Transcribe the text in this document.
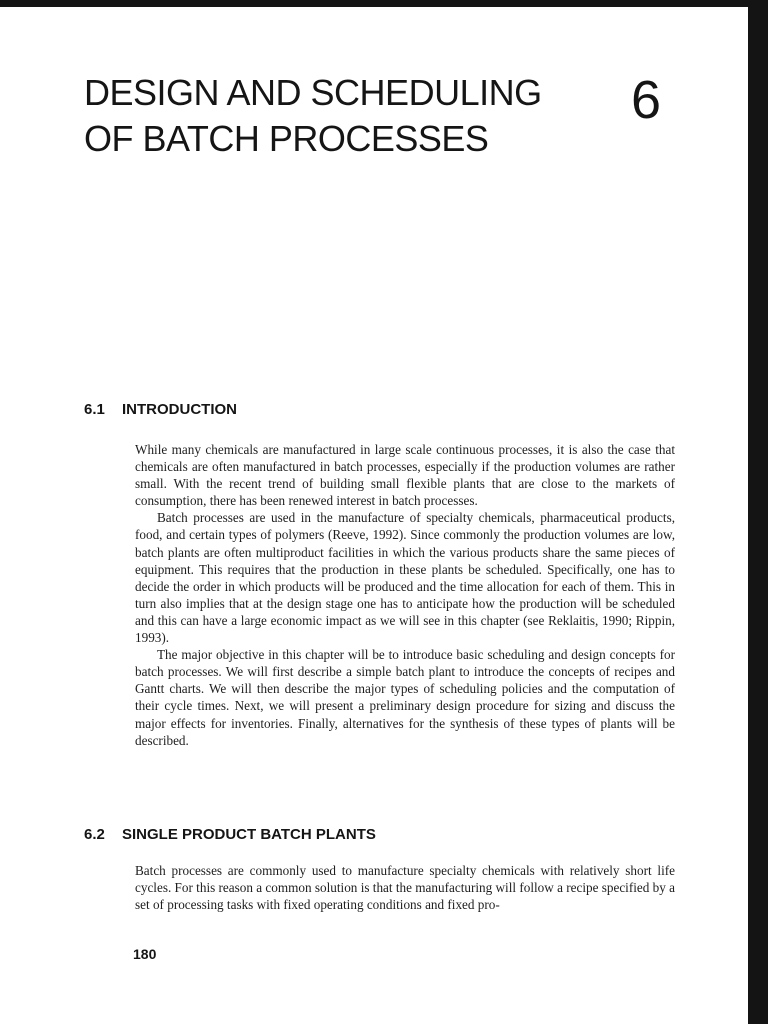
DESIGN AND SCHEDULING
OF BATCH PROCESSES
6
6.1 INTRODUCTION

While many chemicals are manufactured in large scale continuous processes, it is also the case that chemicals are often manufactured in batch processes, especially if the production volumes are rather small. With the recent trend of building small flexible plants that are close to the markets of consumption, there has been renewed interest in batch processes.

Batch processes are used in the manufacture of specialty chemicals, pharmaceutical products, food, and certain types of polymers (Reeve, 1992). Since commonly the production volumes are low, batch plants are often multiproduct facilities in which the various products share the same pieces of equipment. This requires that the production in these plants be scheduled. Specifically, one has to decide the order in which products will be produced and the time allocation for each of them. This in turn also implies that at the design stage one has to anticipate how the production will be scheduled and this can have a large economic impact as we will see in this chapter (see Reklaitis, 1990; Rippin, 1993).

The major objective in this chapter will be to introduce basic scheduling and design concepts for batch processes. We will first describe a simple batch plant to introduce the concepts of recipes and Gantt charts. We will then describe the major types of scheduling policies and the computation of their cycle times. Next, we will present a preliminary design procedure for sizing and discuss the major effects for inventories. Finally, alternatives for the synthesis of these types of plants will be described.

6.2 SINGLE PRODUCT BATCH PLANTS

Batch processes are commonly used to manufacture specialty chemicals with relatively short life cycles. For this reason a common solution is that the manufacturing will follow a recipe specified by a set of processing tasks with fixed operating conditions and fixed pro-

180
